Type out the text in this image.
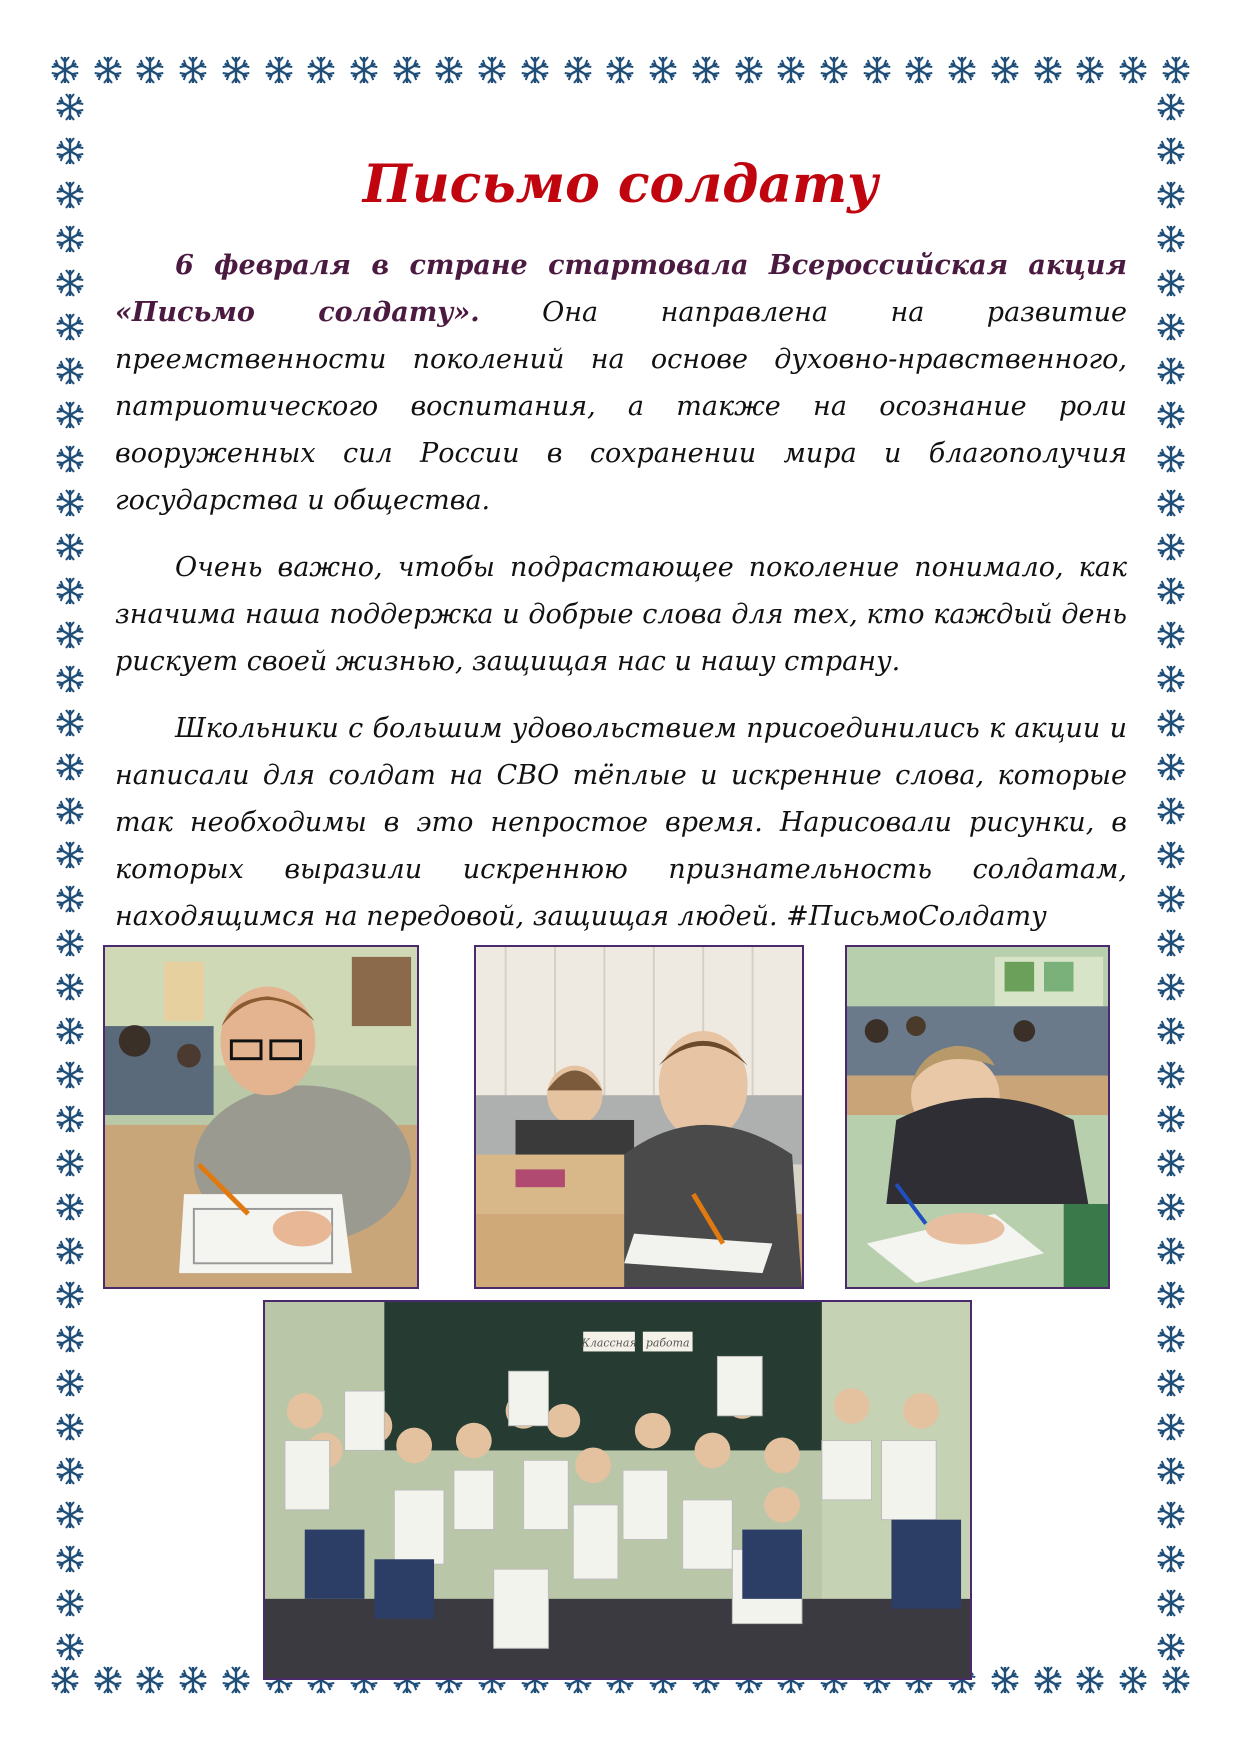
Письмо солдату

6 февраля в стране стартовала Всероссийская акция «Письмо солдату». Она направлена на развитие преемственности поколений на основе духовно-нравственного, патриотического воспитания, а также на осознание роли вооруженных сил России в сохранении мира и благополучия государства и общества.

Очень важно, чтобы подрастающее поколение понимало, как значима наша поддержка и добрые слова для тех, кто каждый день рискует своей жизнью, защищая нас и нашу страну.

Школьники с большим удовольствием присоединились к акции и написали для солдат на СВО тёплые и искренние слова, которые так необходимы в это непростое время. Нарисовали рисунки, в которых выразили искреннюю признательность солдатам, находящимся на передовой, защищая людей. #ПисьмоСолдату

Классная работа
